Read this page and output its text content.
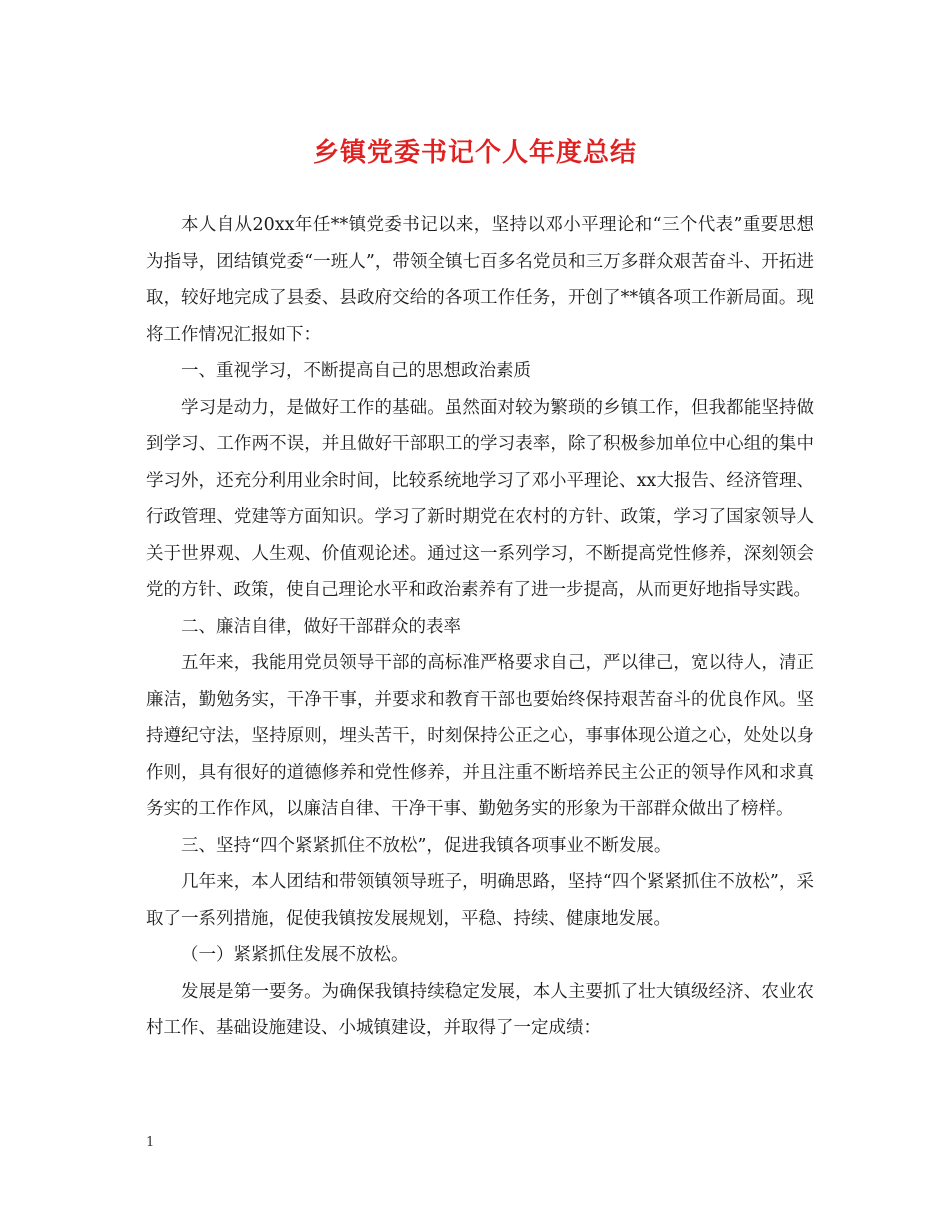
乡镇党委书记个人年度总结

本人自从20xx年任**镇党委书记以来，坚持以邓小平理论和“三个代表”重要思想为指导，团结镇党委“一班人”，带领全镇七百多名党员和三万多群众艰苦奋斗、开拓进取，较好地完成了县委、县政府交给的各项工作任务，开创了**镇各项工作新局面。现将工作情况汇报如下：

一、重视学习，不断提高自己的思想政治素质

学习是动力，是做好工作的基础。虽然面对较为繁琐的乡镇工作，但我都能坚持做到学习、工作两不误，并且做好干部职工的学习表率，除了积极参加单位中心组的集中学习外，还充分利用业余时间，比较系统地学习了邓小平理论、xx大报告、经济管理、行政管理、党建等方面知识。学习了新时期党在农村的方针、政策，学习了国家领导人关于世界观、人生观、价值观论述。通过这一系列学习，不断提高党性修养，深刻领会党的方针、政策，使自己理论水平和政治素养有了进一步提高，从而更好地指导实践。

二、廉洁自律，做好干部群众的表率

五年来，我能用党员领导干部的高标准严格要求自己，严以律己，宽以待人，清正廉洁，勤勉务实，干净干事，并要求和教育干部也要始终保持艰苦奋斗的优良作风。坚持遵纪守法，坚持原则，埋头苦干，时刻保持公正之心，事事体现公道之心，处处以身作则，具有很好的道德修养和党性修养，并且注重不断培养民主公正的领导作风和求真务实的工作作风，以廉洁自律、干净干事、勤勉务实的形象为干部群众做出了榜样。

三、坚持“四个紧紧抓住不放松”，促进我镇各项事业不断发展。

几年来，本人团结和带领镇领导班子，明确思路，坚持“四个紧紧抓住不放松”，采取了一系列措施，促使我镇按发展规划，平稳、持续、健康地发展。

（一）紧紧抓住发展不放松。

发展是第一要务。为确保我镇持续稳定发展，本人主要抓了壮大镇级经济、农业农村工作、基础设施建设、小城镇建设，并取得了一定成绩：

1
